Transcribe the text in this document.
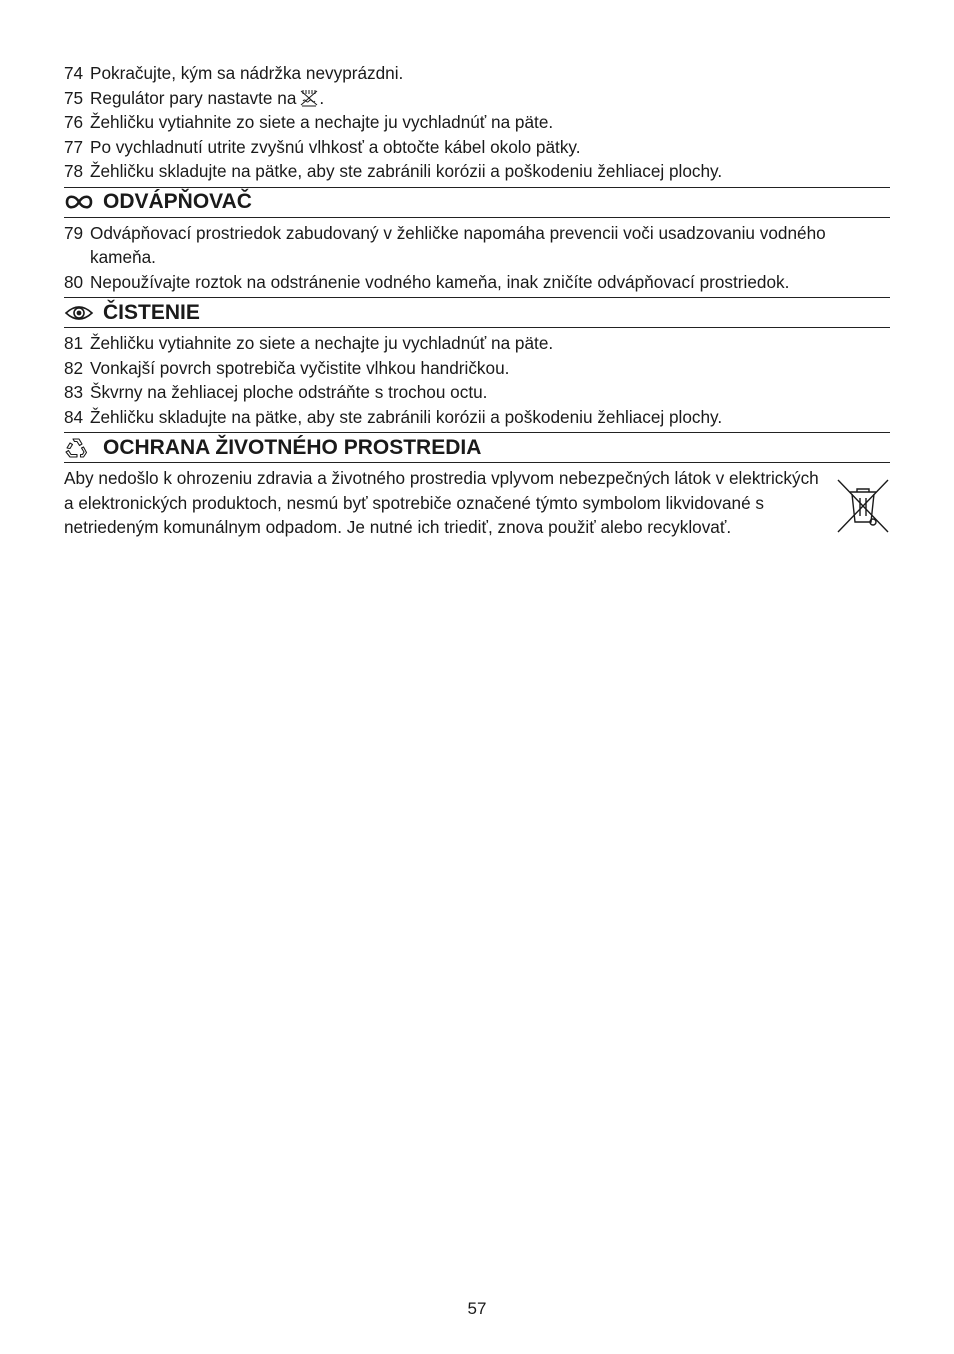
74 Pokračujte, kým sa nádržka nevyprázdni.
75 Regulátor pary nastavte na .
76 Žehličku vytiahnite zo siete a nechajte ju vychladnúť na päte.
77 Po vychladnutí utrite zvyšnú vlhkosť a obtočte kábel okolo pätky.
78 Žehličku skladujte na pätke, aby ste zabránili korózii a poškodeniu žehliacej plochy.
ODVÁPŇOVAČ
79 Odvápňovací prostriedok zabudovaný v žehličke napomáha prevencii voči usadzovaniu vodného kameňa.
80 Nepoužívajte roztok na odstránenie vodného kameňa, inak zničíte odvápňovací prostriedok.
ČISTENIE
81 Žehličku vytiahnite zo siete a nechajte ju vychladnúť na päte.
82 Vonkajší povrch spotrebiča vyčistite vlhkou handričkou.
83 Škvrny na žehliacej ploche odstráňte s trochou octu.
84 Žehličku skladujte na pätke, aby ste zabránili korózii a poškodeniu žehliacej plochy.
OCHRANA ŽIVOTNÉHO PROSTREDIA
Aby nedošlo k ohrozeniu zdravia a životného prostredia vplyvom nebezpečných látok v elektrických a elektronických produktoch, nesmú byť spotrebiče označené týmto symbolom likvidované s netriedeným komunálnym odpadom. Je nutné ich triediť, znova použiť alebo recyklovať.
57
